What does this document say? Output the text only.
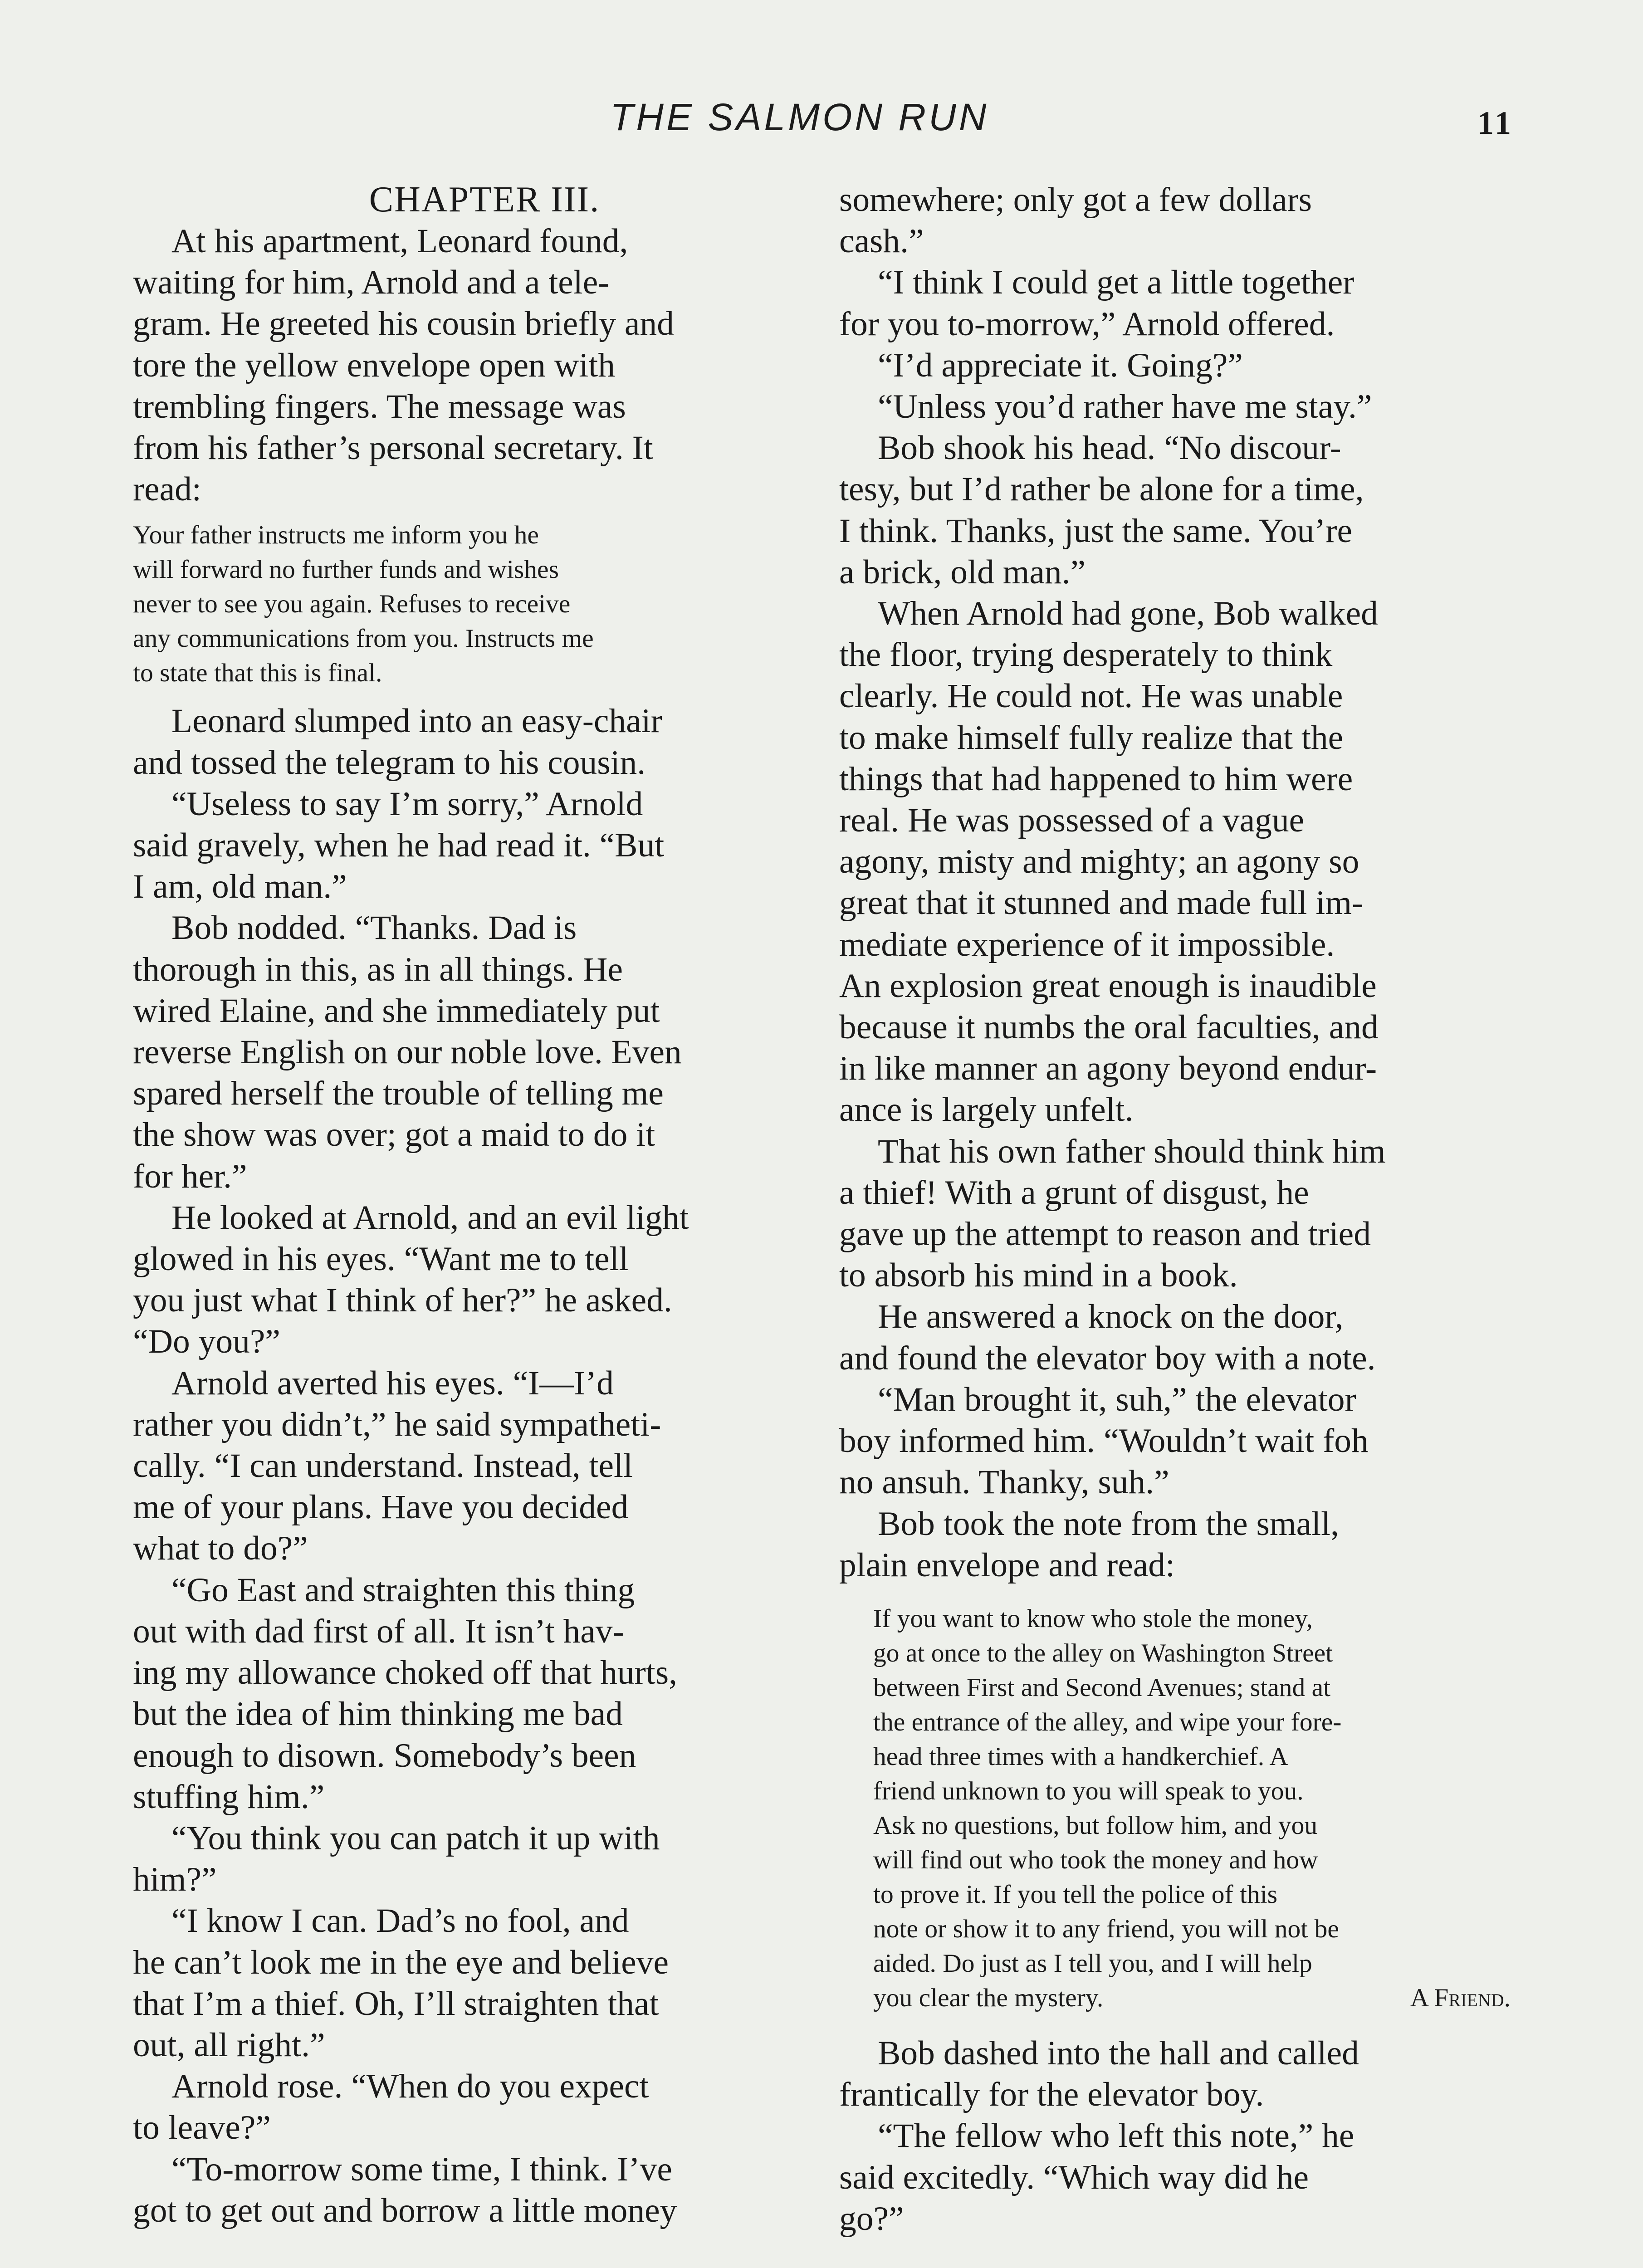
THE SALMON RUN	11
CHAPTER III.

At his apartment, Leonard found,
waiting for him, Arnold and a tele-
gram. He greeted his cousin briefly and
tore the yellow envelope open with
trembling fingers. The message was
from his father’s personal secretary. It
read:

Your father instructs me inform you he
will forward no further funds and wishes
never to see you again. Refuses to receive
any communications from you. Instructs me
to state that this is final.

Leonard slumped into an easy-chair
and tossed the telegram to his cousin.

“Useless to say I’m sorry,” Arnold
said gravely, when he had read it. “But
I am, old man.”

Bob nodded. “Thanks. Dad is
thorough in this, as in all things. He
wired Elaine, and she immediately put
reverse English on our noble love. Even
spared herself the trouble of telling me
the show was over; got a maid to do it
for her.”

He looked at Arnold, and an evil light
glowed in his eyes. “Want me to tell
you just what I think of her?” he asked.
“Do you?”

Arnold averted his eyes. “I—I’d
rather you didn’t,” he said sympatheti-
cally. “I can understand. Instead, tell
me of your plans. Have you decided
what to do?”

“Go East and straighten this thing
out with dad first of all. It isn’t hav-
ing my allowance choked off that hurts,
but the idea of him thinking me bad
enough to disown. Somebody’s been
stuffing him.”

“You think you can patch it up with
him?”

“I know I can. Dad’s no fool, and
he can’t look me in the eye and believe
that I’m a thief. Oh, I’ll straighten that
out, all right.”

Arnold rose. “When do you expect
to leave?”

“To-morrow some time, I think. I’ve
got to get out and borrow a little money

somewhere; only got a few dollars
cash.”

“I think I could get a little together
for you to-morrow,” Arnold offered.

“I’d appreciate it. Going?”

“Unless you’d rather have me stay.”

Bob shook his head. “No discour-
tesy, but I’d rather be alone for a time,
I think. Thanks, just the same. You’re
a brick, old man.”

When Arnold had gone, Bob walked
the floor, trying desperately to think
clearly. He could not. He was unable
to make himself fully realize that the
things that had happened to him were
real. He was possessed of a vague
agony, misty and mighty; an agony so
great that it stunned and made full im-
mediate experience of it impossible.
An explosion great enough is inaudible
because it numbs the oral faculties, and
in like manner an agony beyond endur-
ance is largely unfelt.

That his own father should think him
a thief! With a grunt of disgust, he
gave up the attempt to reason and tried
to absorb his mind in a book.

He answered a knock on the door,
and found the elevator boy with a note.

“Man brought it, suh,” the elevator
boy informed him. “Wouldn’t wait foh
no ansuh. Thanky, suh.”

Bob took the note from the small,
plain envelope and read:

If you want to know who stole the money,
go at once to the alley on Washington Street
between First and Second Avenues; stand at
the entrance of the alley, and wipe your fore-
head three times with a handkerchief. A
friend unknown to you will speak to you.
Ask no questions, but follow him, and you
will find out who took the money and how
to prove it. If you tell the police of this
note or show it to any friend, you will not be
aided. Do just as I tell you, and I will help
you clear the mystery.	A Friend.

Bob dashed into the hall and called
frantically for the elevator boy.

“The fellow who left this note,” he
said excitedly. “Which way did he
go?”
